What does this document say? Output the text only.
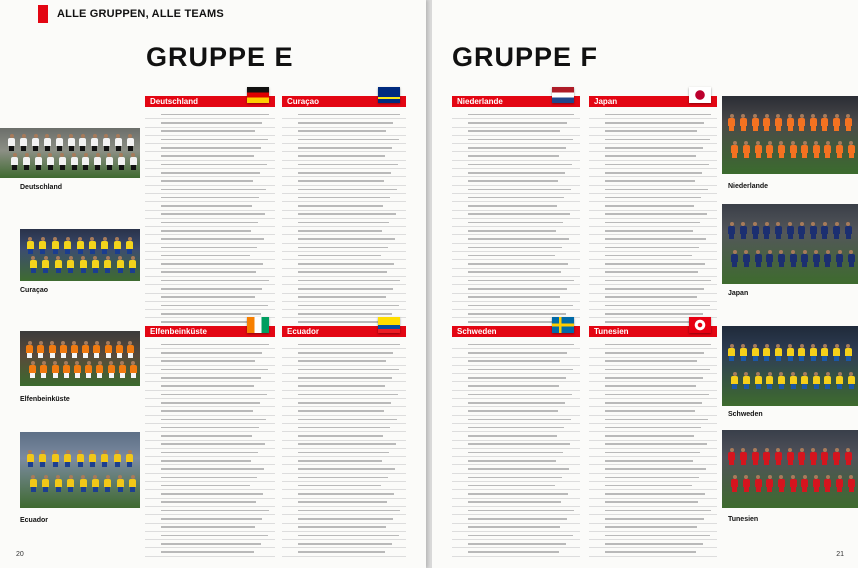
ALLE GRUPPEN, ALLE TEAMS
GRUPPE E
Deutschland
Curaçao
Elfenbeinküste
Ecuador
Deutschland	Curaçao
Elfenbeinküste	Ecuador
20
GRUPPE F
Niederlande	Japan
Schweden	Tunesien
Niederlande
Japan
Schweden
Tunesien
21
